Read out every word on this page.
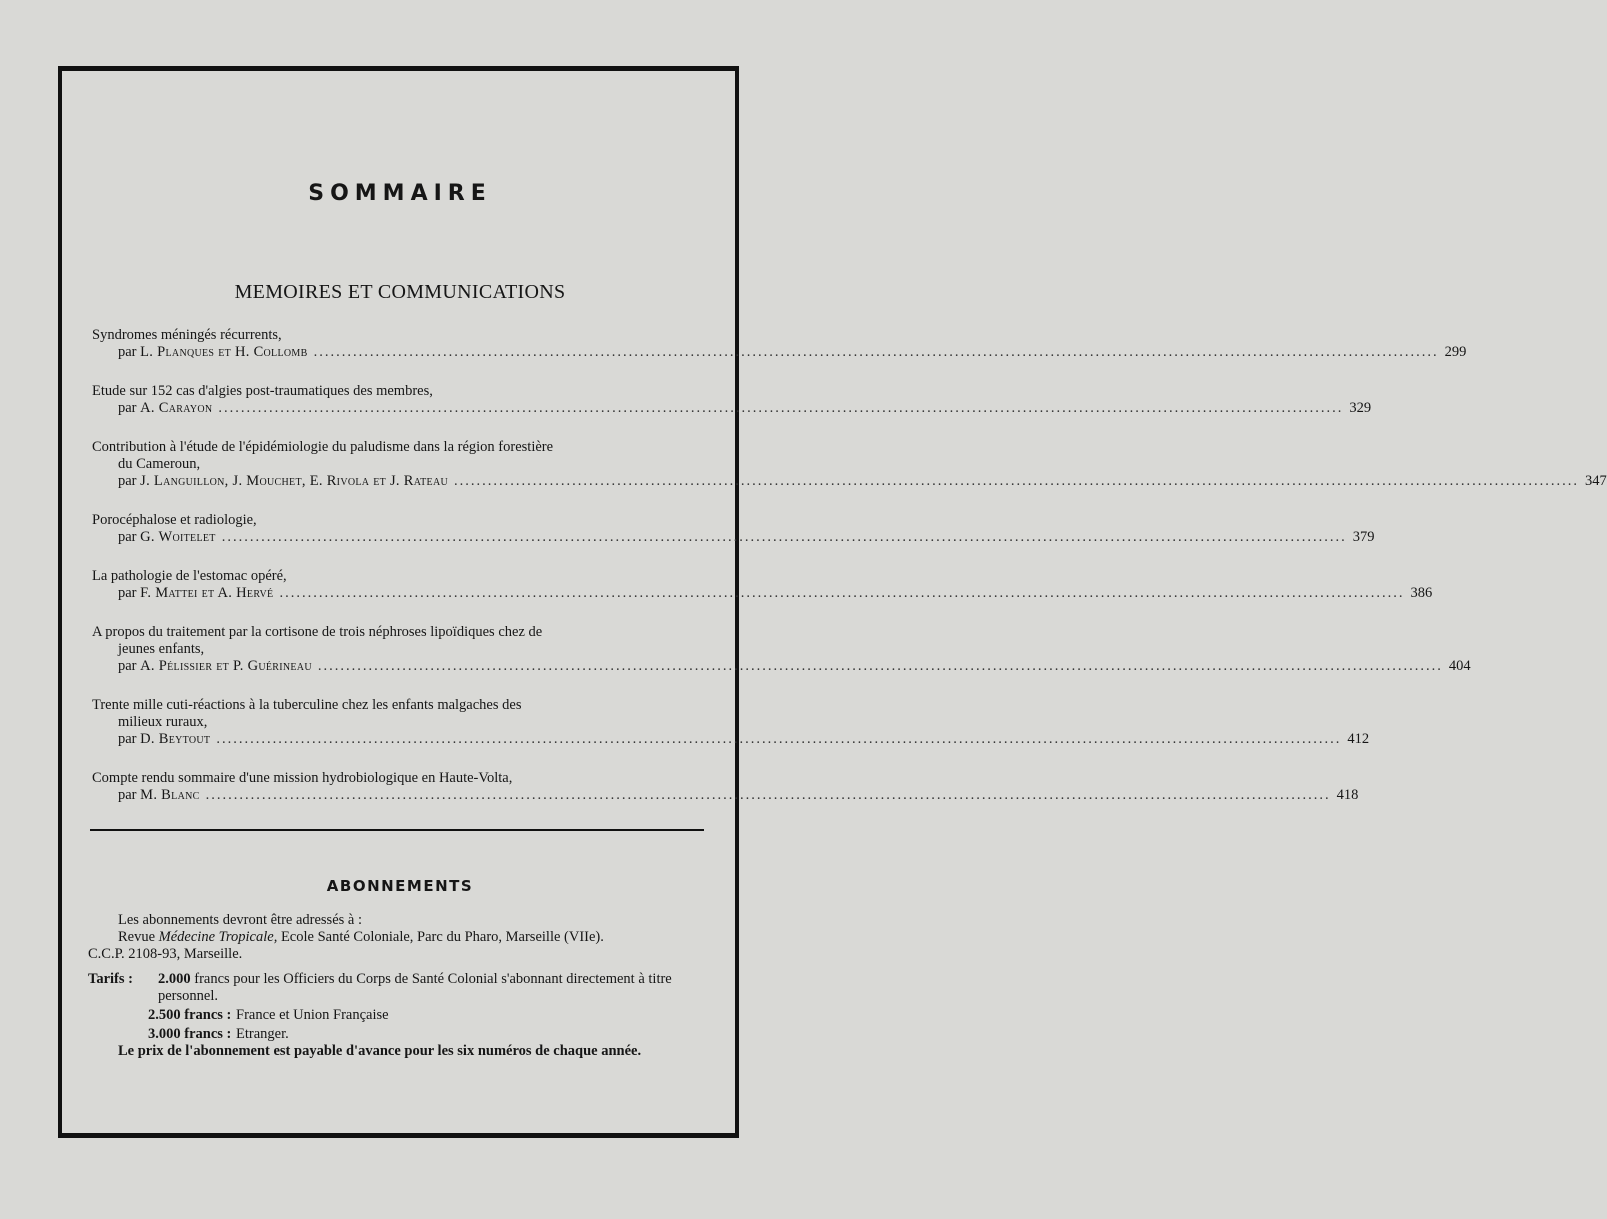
SOMMAIRE
MEMOIRES ET COMMUNICATIONS
Syndromes méningés récurrents,
par L. Planques et H. Collomb ........................................................................................................................................................................................................ 299
Etude sur 152 cas d'algies post-traumatiques des membres,
par A. Carayon ........................................................................................................................................................................................................ 329
Contribution à l'étude de l'épidémiologie du paludisme dans la région forestière
du Cameroun,
par J. Languillon, J. Mouchet, E. Rivola et J. Rateau ........................................................................................................................................................................................................ 347
Porocéphalose et radiologie,
par G. Woitelet ........................................................................................................................................................................................................ 379
La pathologie de l'estomac opéré,
par F. Mattei et A. Hervé ........................................................................................................................................................................................................ 386
A propos du traitement par la cortisone de trois néphroses lipoïdiques chez de
jeunes enfants,
par A. Pélissier et P. Guérineau ........................................................................................................................................................................................................ 404
Trente mille cuti-réactions à la tuberculine chez les enfants malgaches des
milieux ruraux,
par D. Beytout ........................................................................................................................................................................................................ 412
Compte rendu sommaire d'une mission hydrobiologique en Haute-Volta,
par M. Blanc ........................................................................................................................................................................................................ 418
ABONNEMENTS

Les abonnements devront être adressés à :

Revue Médecine Tropicale, Ecole Santé Coloniale, Parc du Pharo, Marseille (VIIe).

C.C.P. 2108-93, Marseille.

Tarifs :	2.000 francs pour les Officiers du Corps de Santé Colonial s'abonnant directement à titre personnel.
2.500 francs : France et Union Française
3.000 francs : Etranger.

Le prix de l'abonnement est payable d'avance pour les six numéros de chaque année.
